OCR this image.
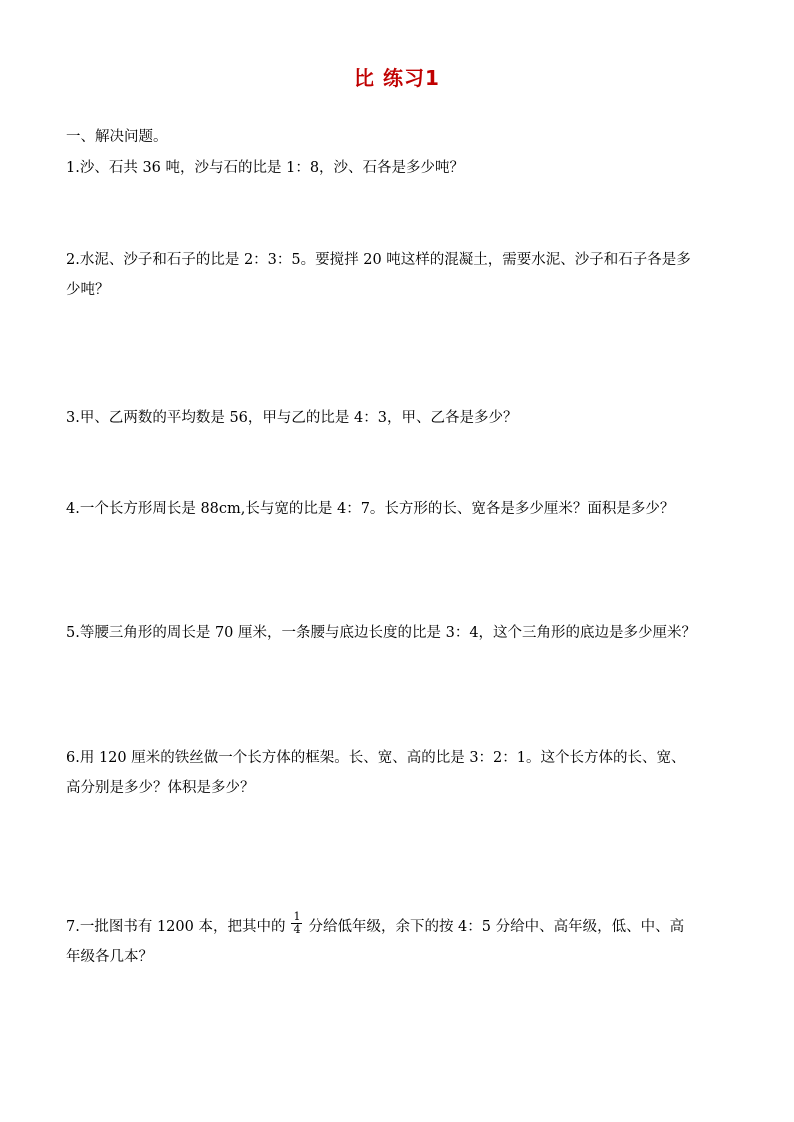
比 练习1
一、解决问题。
1.沙、石共 36 吨，沙与石的比是 1：8，沙、石各是多少吨？
2.水泥、沙子和石子的比是 2：3：5。要搅拌 20 吨这样的混凝土，需要水泥、沙子和石子各是多
少吨？
3.甲、乙两数的平均数是 56，甲与乙的比是 4：3，甲、乙各是多少？
4.一个长方形周长是 88cm,长与宽的比是 4：7。长方形的长、宽各是多少厘米？面积是多少？
5.等腰三角形的周长是 70 厘米，一条腰与底边长度的比是 3：4，这个三角形的底边是多少厘米？
6.用 120 厘米的铁丝做一个长方体的框架。长、宽、高的比是 3：2：1。这个长方体的长、宽、
高分别是多少？体积是多少？
7.一批图书有 1200 本，把其中的 $\frac{1}{4}$ 分给低年级，余下的按 4：5 分给中、高年级，低、中、高
年级各几本？
